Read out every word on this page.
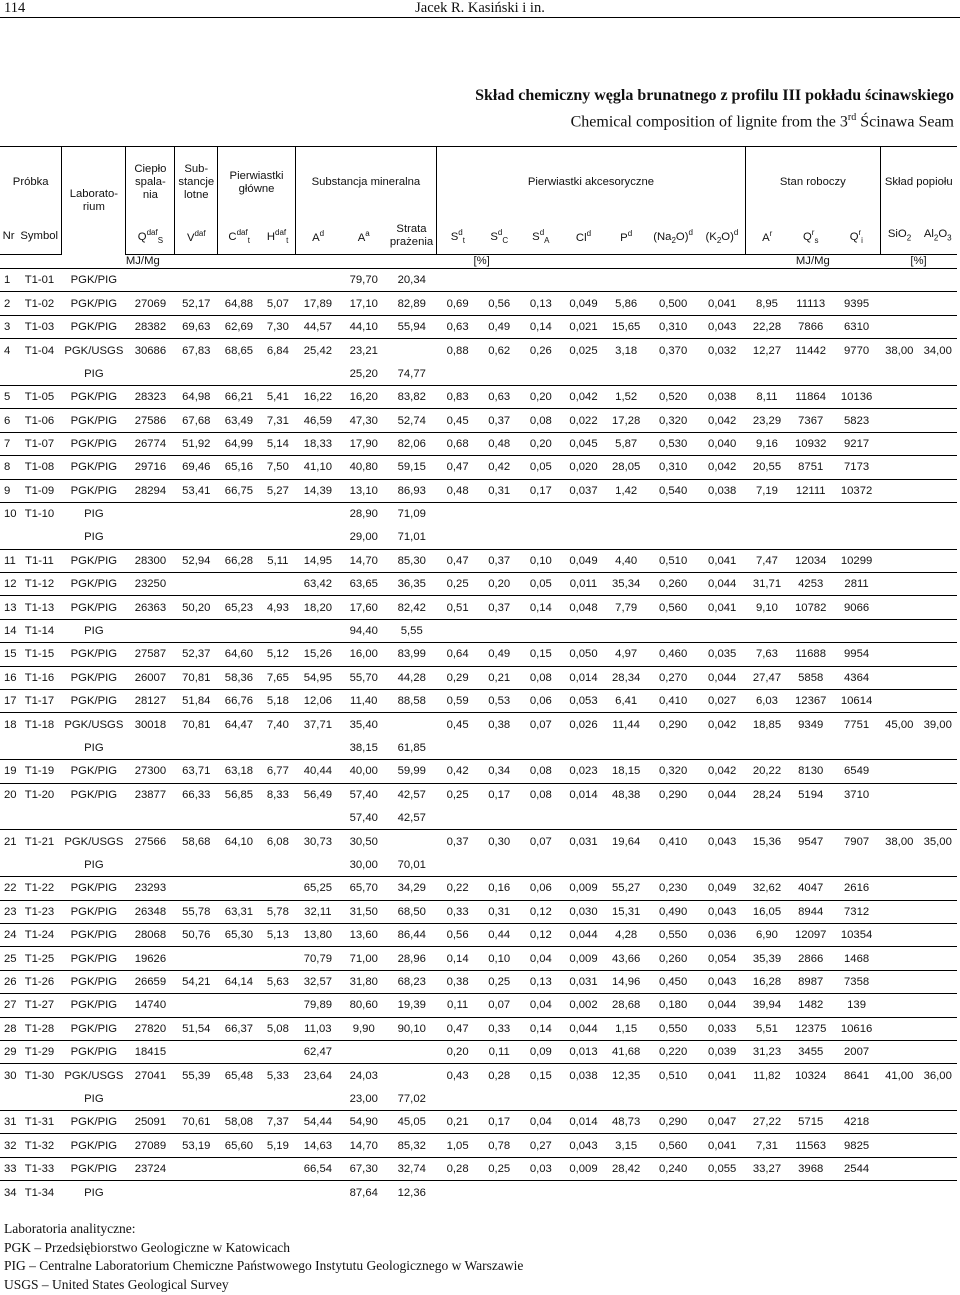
114	Jacek R. Kasiński i in.
Skład chemiczny węgla brunatnego z profilu III pokładu ścinawskiego
Chemical composition of lignite from the 3rd Ścinawa Seam
Próbka		Laborato- rium	Ciepło spala- nia	Sub- stancje lotne	Pierwiastki główne		Substancja mineralna			Pierwiastki akcesoryczne							Stan roboczy			Skład popiołu	
Nr	Symbol		$Q^{daf}_S$	$V^{daf}$	$C^{daf}_t$	$H^{daf}_t$	$A^d$	$A^a$	Strata prażenia	$S^d_t$	$S^d_C$	$S^d_A$	Cl$^d$	$P^d$	$(Na_2O)^d$	$(K_2O)^d$	$A^r$	$Q^r_s$	$Q^r_i$	SiO$_2$	$Al_2O_3$
			MJ/Mg		[%]												MJ/Mg			[%]	
1	T1-01	PGK/PIG						79,70	20,34												
2	T1-02	PGK/PIG	27069	52,17	64,88	5,07	17,89	17,10	82,89	0,69	0,56	0,13	0,049	5,86	0,500	0,041	8,95	11113	9395		
3	T1-03	PGK/PIG	28382	69,63	62,69	7,30	44,57	44,10	55,94	0,63	0,49	0,14	0,021	15,65	0,310	0,043	22,28	7866	6310		
4	T1-04	PGK/USGS	30686	67,83	68,65	6,84	25,42	23,21		0,88	0,62	0,26	0,025	3,18	0,370	0,032	12,27	11442	9770	38,00	34,00
		PIG						25,20	74,77												
5	T1-05	PGK/PIG	28323	64,98	66,21	5,41	16,22	16,20	83,82	0,83	0,63	0,20	0,042	1,52	0,520	0,038	8,11	11864	10136		
6	T1-06	PGK/PIG	27586	67,68	63,49	7,31	46,59	47,30	52,74	0,45	0,37	0,08	0,022	17,28	0,320	0,042	23,29	7367	5823		
7	T1-07	PGK/PIG	26774	51,92	64,99	5,14	18,33	17,90	82,06	0,68	0,48	0,20	0,045	5,87	0,530	0,040	9,16	10932	9217		
8	T1-08	PGK/PIG	29716	69,46	65,16	7,50	41,10	40,80	59,15	0,47	0,42	0,05	0,020	28,05	0,310	0,042	20,55	8751	7173		
9	T1-09	PGK/PIG	28294	53,41	66,75	5,27	14,39	13,10	86,93	0,48	0,31	0,17	0,037	1,42	0,540	0,038	7,19	12111	10372		
10	T1-10	PIG						28,90	71,09												
		PIG						29,00	71,01												
11	T1-11	PGK/PIG	28300	52,94	66,28	5,11	14,95	14,70	85,30	0,47	0,37	0,10	0,049	4,40	0,510	0,041	7,47	12034	10299		
12	T1-12	PGK/PIG	23250				63,42	63,65	36,35	0,25	0,20	0,05	0,011	35,34	0,260	0,044	31,71	4253	2811		
13	T1-13	PGK/PIG	26363	50,20	65,23	4,93	18,20	17,60	82,42	0,51	0,37	0,14	0,048	7,79	0,560	0,041	9,10	10782	9066		
14	T1-14	PIG						94,40	5,55												
15	T1-15	PGK/PIG	27587	52,37	64,60	5,12	15,26	16,00	83,99	0,64	0,49	0,15	0,050	4,97	0,460	0,035	7,63	11688	9954		
16	T1-16	PGK/PIG	26007	70,81	58,36	7,65	54,95	55,70	44,28	0,29	0,21	0,08	0,014	28,34	0,270	0,044	27,47	5858	4364		
17	T1-17	PGK/PIG	28127	51,84	66,76	5,18	12,06	11,40	88,58	0,59	0,53	0,06	0,053	6,41	0,410	0,027	6,03	12367	10614		
18	T1-18	PGK/USGS	30018	70,81	64,47	7,40	37,71	35,40		0,45	0,38	0,07	0,026	11,44	0,290	0,042	18,85	9349	7751	45,00	39,00
		PIG						38,15	61,85												
19	T1-19	PGK/PIG	27300	63,71	63,18	6,77	40,44	40,00	59,99	0,42	0,34	0,08	0,023	18,15	0,320	0,042	20,22	8130	6549		
20	T1-20	PGK/PIG	23877	66,33	56,85	8,33	56,49	57,40	42,57	0,25	0,17	0,08	0,014	48,38	0,290	0,044	28,24	5194	3710		
								57,40	42,57												
21	T1-21	PGK/USGS	27566	58,68	64,10	6,08	30,73	30,50		0,37	0,30	0,07	0,031	19,64	0,410	0,043	15,36	9547	7907	38,00	35,00
		PIG						30,00	70,01												
22	T1-22	PGK/PIG	23293				65,25	65,70	34,29	0,22	0,16	0,06	0,009	55,27	0,230	0,049	32,62	4047	2616		
23	T1-23	PGK/PIG	26348	55,78	63,31	5,78	32,11	31,50	68,50	0,33	0,31	0,12	0,030	15,31	0,490	0,043	16,05	8944	7312		
24	T1-24	PGK/PIG	28068	50,76	65,30	5,13	13,80	13,60	86,44	0,56	0,44	0,12	0,044	4,28	0,550	0,036	6,90	12097	10354		
25	T1-25	PGK/PIG	19626				70,79	71,00	28,96	0,14	0,10	0,04	0,009	43,66	0,260	0,054	35,39	2866	1468		
26	T1-26	PGK/PIG	26659	54,21	64,14	5,63	32,57	31,80	68,23	0,38	0,25	0,13	0,031	14,96	0,450	0,043	16,28	8987	7358		
27	T1-27	PGK/PIG	14740				79,89	80,60	19,39	0,11	0,07	0,04	0,002	28,68	0,180	0,044	39,94	1482	139		
28	T1-28	PGK/PIG	27820	51,54	66,37	5,08	11,03	9,90	90,10	0,47	0,33	0,14	0,044	1,15	0,550	0,033	5,51	12375	10616		
29	T1-29	PGK/PIG	18415				62,47			0,20	0,11	0,09	0,013	41,68	0,220	0,039	31,23	3455	2007		
30	T1-30	PGK/USGS	27041	55,39	65,48	5,33	23,64	24,03		0,43	0,28	0,15	0,038	12,35	0,510	0,041	11,82	10324	8641	41,00	36,00
		PIG						23,00	77,02												
31	T1-31	PGK/PIG	25091	70,61	58,08	7,37	54,44	54,90	45,05	0,21	0,17	0,04	0,014	48,73	0,290	0,047	27,22	5715	4218		
32	T1-32	PGK/PIG	27089	53,19	65,60	5,19	14,63	14,70	85,32	1,05	0,78	0,27	0,043	3,15	0,560	0,041	7,31	11563	9825		
33	T1-33	PGK/PIG	23724				66,54	67,30	32,74	0,28	0,25	0,03	0,009	28,42	0,240	0,055	33,27	3968	2544		
34	T1-34	PIG						87,64	12,36												
Laboratoria analityczne:
PGK – Przedsiębiorstwo Geologiczne w Katowicach
PIG – Centralne Laboratorium Chemiczne Państwowego Instytutu Geologicznego w Warszawie
USGS – United States Geological Survey
